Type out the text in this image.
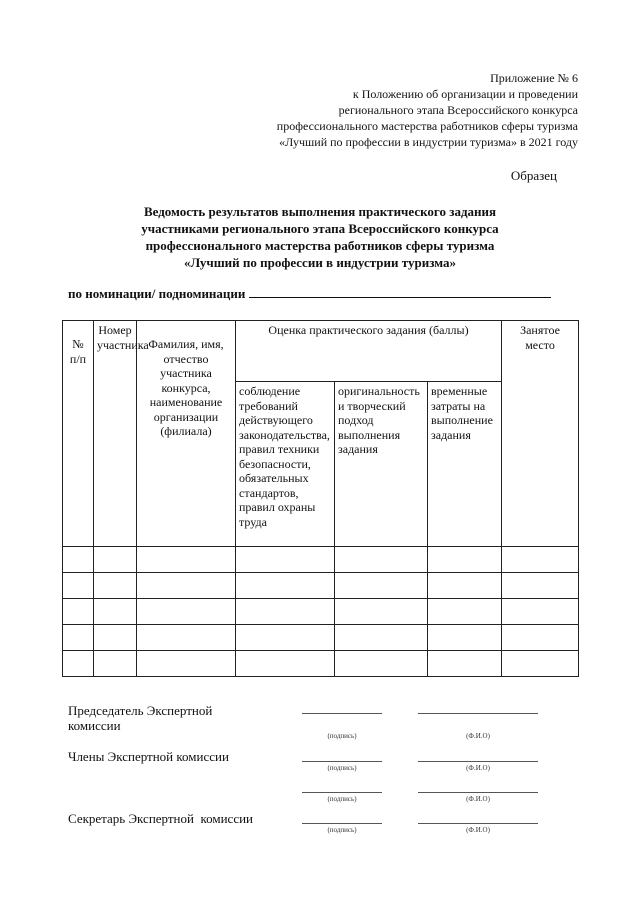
Приложение № 6
к Положению об организации и проведении
регионального этапа Всероссийского конкурса
профессионального мастерства работников сферы туризма
«Лучший по профессии в индустрии туризма» в 2021 году
Образец
Ведомость результатов выполнения практического задания
участниками регионального этапа Всероссийского конкурса
профессионального мастерства работников сферы туризма
«Лучший по профессии в индустрии туризма»
по номинации/ подноминации
№ п/п	Номер участника	Фамилия, имя, отчество участника конкурса, наименование организации (филиала)	Оценка практического задания (баллы)			Занятое место
			соблюдение требований действующего законодательства, правил техники безопасности, обязательных стандартов, правил охраны труда	оригинальность и творческий подход выполнения задания	временные затраты на выполнение задания	

Председатель Экспертной комиссии
(подпись)	(Ф.И.О)
Члены Экспертной комиссии
(подпись)	(Ф.И.О)
(подпись)	(Ф.И.О)
Секретарь Экспертной  комиссии
(подпись)	(Ф.И.О)
